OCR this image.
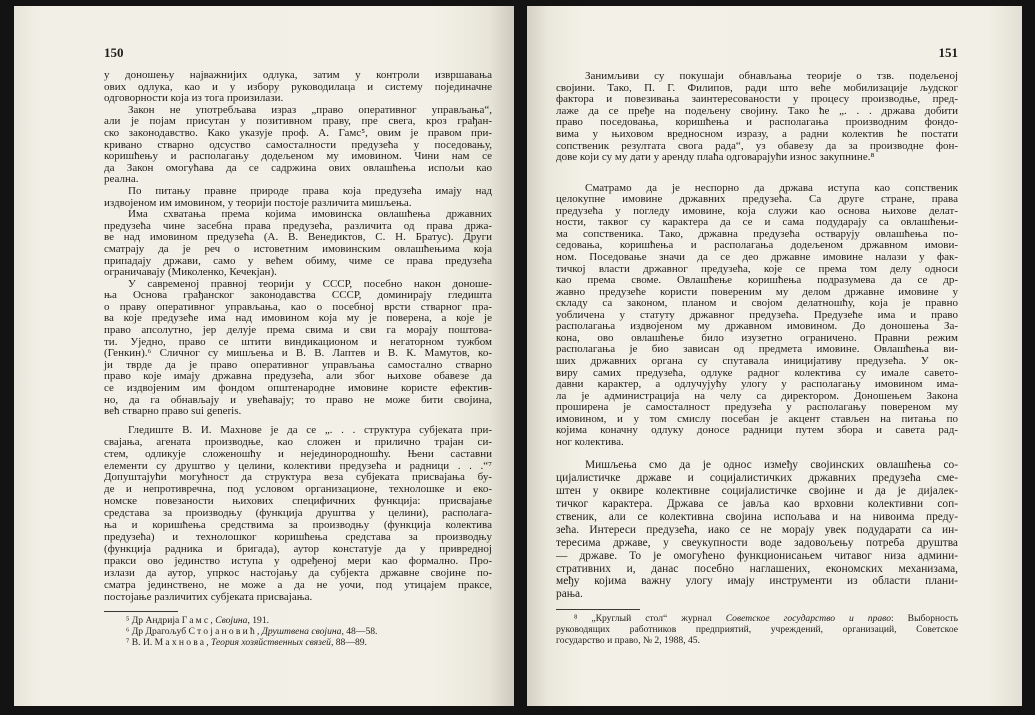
150
у доношењу најважнијих одлука, затим у контроли извршавања
ових одлука, као и у избору руководилаца и систему појединачне
одговорности која из тога произилази.
Закон не употребљава израз „право оперативног управљања“,
али је појам присутан у позитивном праву, пре свега, кроз грађан-
ско законодавство. Како указује проф. А. Гамс⁵, овим је правом при-
кривано стварно одсуство самосталности предузећа у поседовању,
коришћењу и располагању додељеном му имовином. Чини нам се
да Закон омогућава да се садржина ових овлашћења испољи као
реална.
По питању правне природе права која предузећа имају над
издвојеном им имовином, у теорији постоје различита мишљења.
Има схватања према којима имовинска овлашћења државних
предузећа чине засебна права предузећа, различита од права држа-
ве над имовином предузећа (А. В. Венедиктов, С. Н. Братус). Други
сматрају да је реч о истоветним имовинским овлашћењима која
припадају држави, само у већем обиму, чиме се права предузећа
ограничавају (Миколенко, Кечекјан).
У савременој правној теорији у СССР, посебно након доноше-
ња Основа грађанског законодавства СССР, доминирају гледишта
о праву оперативног управљања, као о посебној врсти стварног пра-
ва које предузеће има над имовином која му је поверена, а које је
право апсолутно, јер делује према свима и сви га морају поштова-
ти. Уједно, право се штити виндикационом и негаторном тужбом
(Генкин).⁶ Сличног су мишљења и В. В. Лаптев и В. К. Мамутов, ко-
ји тврде да је право оперативног управљања самостално стварно
право које имају државна предузећа, али због њихове обавезе да
се издвојеним им фондом општенародне имовине користе ефектив-
но, да га обнављају и увећавају; то право не може бити својина,
већ стварно право sui generis.
Гледиште В. И. Махнове је да се „. . . структура субјеката при-
свајања, агената производње, као сложен и прилично трајан си-
стем, одликује сложеношћу и нејединородношћу. Њени саставни
елементи су друштво у целини, колективи предузећа и радници . . .“⁷
Допуштајући могућност да структура веза субјеката присвајања бу-
де и непротивречна, под условом организационе, технолошке и еко-
номске повезаности њихових специфичних функција: присвајање
средстава за производњу (функција друштва у целини), располага-
ња и коришћења средствима за производњу (функција колектива
предузећа) и технолошког коришћења средстава за производњу
(функција радника и бригада), аутор констатује да у привредној
пракси ово јединство иступа у одређеној мери као формално. Про-
излази да аутор, упркос настојању да субјекта државне својине по-
сматра јединствено, не може а да не уочи, под утицајем праксе,
постојање различитих субјеката присвајања.
⁵ Др Андрија Гамс, Својина, 191.
⁶ Др Драгољуб Стојановић, Друштвена својина, 48—58.
⁷ В. И. Махнова, Теория хозяйственных связей, 88—89.
151
Занимљиви су покушаји обнављања теорије о тзв. подељеној
својини. Тако, П. Г. Филипов, ради што веће мобилизације људског
фактора и повезивања заинтересованости у процесу производње, пред-
лаже да се пређе на подељену својину. Тако ће „. . . држава добити
право поседовања, коришћења и располагања производним фондо-
вима у њиховом вредносном изразу, а радни колектив ће постати
сопственик резултата свога рада“, уз обавезу да за производне фон-
дове који су му дати у аренду плаћа одговарајући износ закупнине.⁸
Сматрамо да је неспорно да држава иступа као сопственик
целокупне имовине државних предузећа. Са друге стране, права
предузећа у погледу имовине, која служи као основа њихове делат-
ности, таквог су карактера да се и сама подударају са овлашћењи-
ма сопственика. Тако, државна предузећа остварују овлашћења по-
седовања, коришћења и располагања додељеном државном имови-
ном. Поседовање значи да се део државне имовине налази у фак-
тичкој власти државног предузећа, које се према том делу односи
као према своме. Овлашћење коришћења подразумева да се др-
жавно предузеће користи повереним му делом државне имовине у
складу са законом, планом и својом делатношћу, која је правно
уобличена у статуту државног предузећа. Предузеће има и право
располагања издвојеном му државном имовином. До доношења За-
кона, ово овлашћење било изузетно ограничено. Правни режим
располагања је био зависан од предмета имовине. Овлашћења ви-
ших државних органа су спутавала иницијативу предузећа. У ок-
виру самих предузећа, одлуке радног колектива су имале савето-
давни карактер, а одлучујућу улогу у располагању имовином има-
ла је администрација на челу са директором. Доношењем Закона
проширена је самосталност предузећа у располагању повереном му
имовином, и у том смислу посебан је акцент стављен на питања по
којима коначну одлуку доносе радници путем збора и савета рад-
ног колектива.
Мишљења смо да је однос између својинских овлашћења со-
цијалистичке државе и социјалистичких државних предузећа сме-
штен у оквире колективне социјалистичке својине и да је дијалек-
тичког карактера. Држава се јавља као врховни колективни соп-
ственик, али се колективна својина испољава и на нивоима преду-
зећа. Интереси предузећа, иако се не морају увек подударати са ин-
тересима државе, у свеукупности воде задовољењу потреба друштва
— државе. То је омогућено функционисањем читавог низа админи-
стративних и, данас посебно наглашених, економских механизама,
међу којима важну улогу имају инструменти из области плани-
рања.
⁸ „Круглый стол“ журнал Советское государство и право: Выборность
руководящих работников предприятий, учреждений, организаций, Советское
государство и право, № 2, 1988, 45.
